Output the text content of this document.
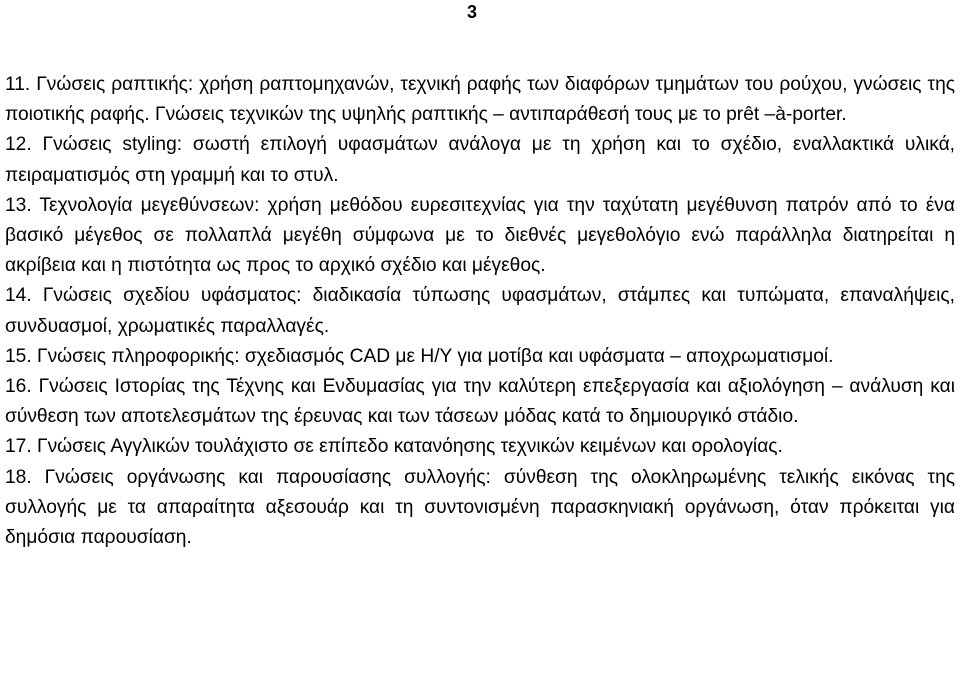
3

11. Γνώσεις ραπτικής: χρήση ραπτομηχανών, τεχνική ραφής των διαφόρων τμημάτων του ρούχου, γνώσεις της ποιοτικής ραφής. Γνώσεις τεχνικών της υψηλής ραπτικής – αντιπαράθεσή τους με το prêt –à-porter.

12. Γνώσεις styling: σωστή επιλογή υφασμάτων ανάλογα με τη χρήση και το σχέδιο, εναλλακτικά υλικά, πειραματισμός στη γραμμή και το στυλ.

13. Τεχνολογία μεγεθύνσεων: χρήση μεθόδου ευρεσιτεχνίας για την ταχύτατη μεγέθυνση πατρόν από το ένα βασικό μέγεθος σε πολλαπλά μεγέθη σύμφωνα με το διεθνές μεγεθολόγιο ενώ παράλληλα διατηρείται η ακρίβεια και η πιστότητα ως προς το αρχικό σχέδιο και μέγεθος.

14. Γνώσεις σχεδίου υφάσματος: διαδικασία τύπωσης υφασμάτων, στάμπες και τυπώματα, επαναλήψεις, συνδυασμοί, χρωματικές παραλλαγές.

15. Γνώσεις πληροφορικής: σχεδιασμός CAD με Η/Υ για μοτίβα και υφάσματα – αποχρωματισμοί.

16. Γνώσεις Ιστορίας της Τέχνης και Ενδυμασίας για την καλύτερη επεξεργασία και αξιολόγηση – ανάλυση και σύνθεση των αποτελεσμάτων της έρευνας και των τάσεων μόδας κατά το δημιουργικό στάδιο.

17. Γνώσεις Αγγλικών τουλάχιστο σε επίπεδο κατανόησης τεχνικών κειμένων και ορολογίας.

18. Γνώσεις οργάνωσης και παρουσίασης συλλογής: σύνθεση της ολοκληρωμένης τελικής εικόνας της συλλογής με τα απαραίτητα αξεσουάρ και τη συντονισμένη παρασκηνιακή οργάνωση, όταν πρόκειται για δημόσια παρουσίαση.
